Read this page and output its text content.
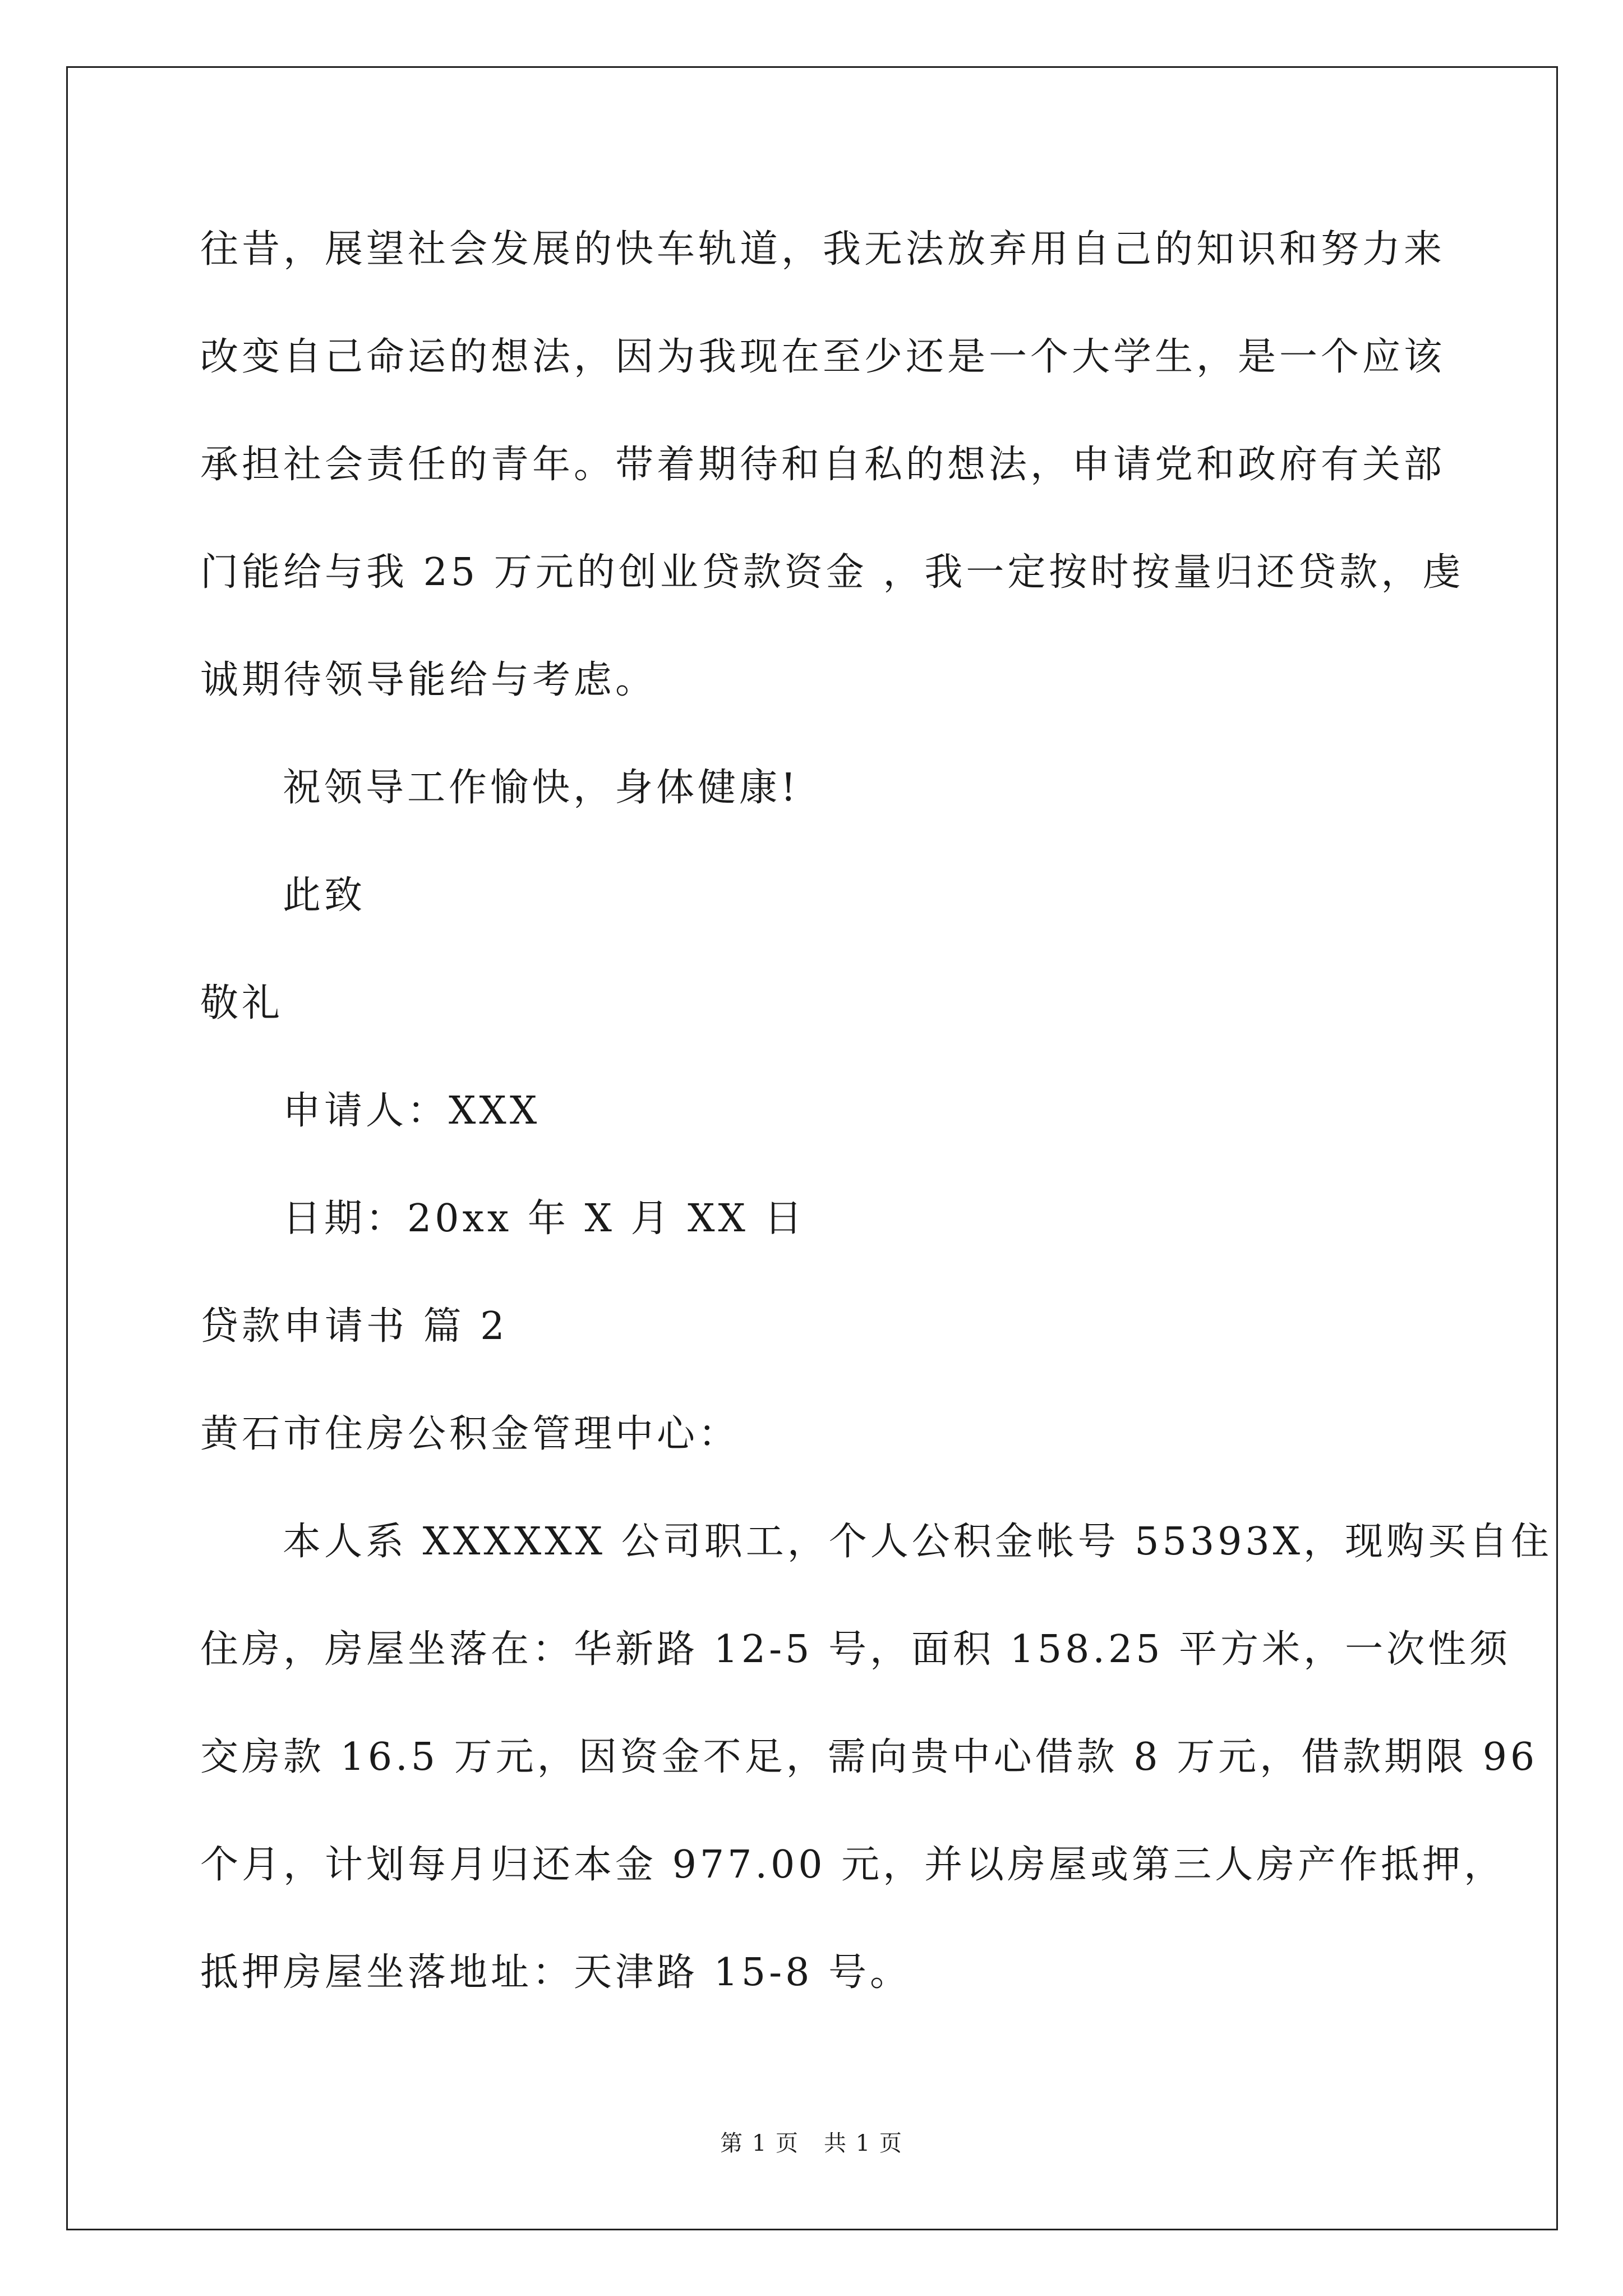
往昔，展望社会发展的快车轨道，我无法放弃用自己的知识和努力来
改变自己命运的想法，因为我现在至少还是一个大学生，是一个应该
承担社会责任的青年。带着期待和自私的想法，申请党和政府有关部
门能给与我 25 万元的创业贷款资金 ，我一定按时按量归还贷款，虔
诚期待领导能给与考虑。
祝领导工作愉快，身体健康!
此致
敬礼
申请人：XXX
日期：20xx 年 X 月 XX 日
贷款申请书 篇 2
黄石市住房公积金管理中心：
本人系 XXXXXX 公司职工，个人公积金帐号 55393X，现购买自住
住房，房屋坐落在：华新路 12-5 号，面积 158.25 平方米，一次性须
交房款 16.5 万元，因资金不足，需向贵中心借款 8 万元，借款期限 96
个月，计划每月归还本金 977.00 元，并以房屋或第三人房产作抵押，
抵押房屋坐落地址：天津路 15-8 号。
第 1 页 共 1 页
